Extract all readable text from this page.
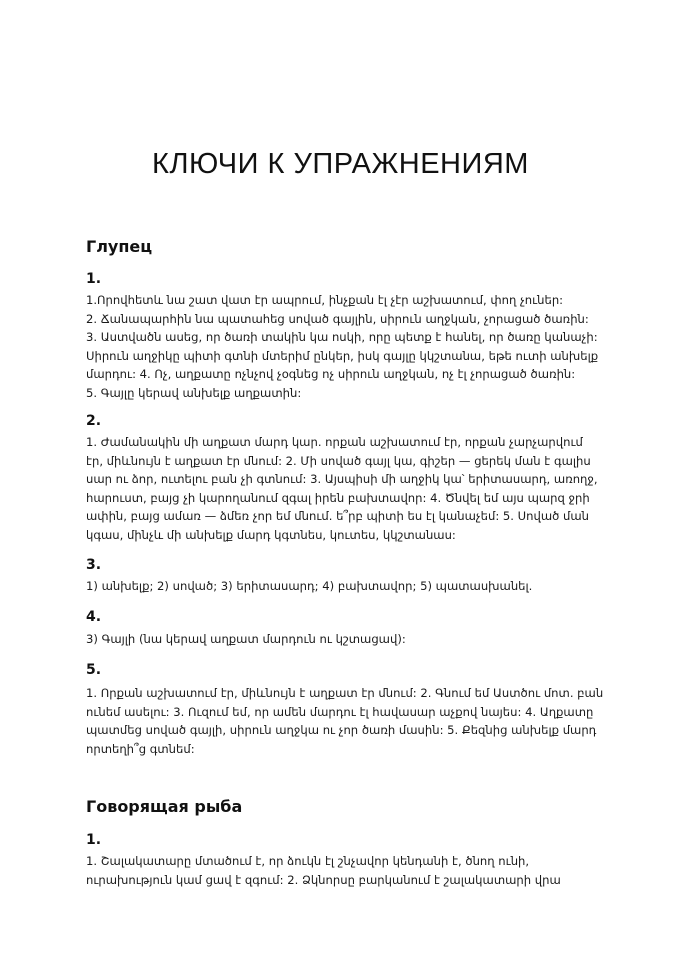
КЛЮЧИ К УПРАЖНЕНИЯМ
Глупец
1.
1.Որովհետև նա շատ վատ էր ապրում, ինչքան էլ չէր աշխատում, փող չուներ:
2. Ճանապարհին նա պատահեց սոված գայլին, սիրուն աղջկան, չորացած ծառին:
3. Աստվածն ասեց, որ ծառի տակին կա ոսկի, որը պետք է հանել, որ ծառը կանաչի:
Սիրուն աղջիկը պիտի գտնի մտերիմ ընկեր, իսկ գայլը կկշտանա, եթե ուտի անխելք
մարդու: 4. Ոչ, աղքատը ոչնչով չօգնեց ոչ սիրուն աղջկան, ոչ էլ չորացած ծառին:
5. Գայլը կերավ անխելք աղքատին:
2.
1. Ժամանակին մի աղքատ մարդ կար. որքան աշխատում էր, որքան չարչարվում
էր, միևնույն է աղքատ էր մնում: 2. Մի սոված գայլ կա, գիշեր — ցերեկ ման է գալիս
սար ու ձոր, ուտելու բան չի գտնում: 3. Այսպիսի մի աղջիկ կա՝ երիտասարդ, առողջ,
հարուստ, բայց չի կարողանում զգալ իրեն բախտավոր: 4. Ծնվել եմ այս պարզ ջրի
ափին, բայց ամառ — ձմեռ չոր եմ մնում. ե՞րբ պիտի ես էլ կանաչեմ: 5. Սոված ման
կգաս, մինչև մի անխելք մարդ կգտնես, կուտես, կկշտանաս:
3.
1) անխելք; 2) սոված; 3) երիտասարդ; 4) բախտավոր; 5) պատասխանել.
4.
3) Գայլի (նա կերավ աղքատ մարդուն ու կշտացավ):
5.
1. Որքան աշխատում էր, միևնույն է աղքատ էր մնում: 2. Գնում եմ Աստծու մոտ. բան
ունեմ ասելու: 3. Ուզում եմ, որ ամեն մարդու էլ հավասար աչքով նայես: 4. Աղքատը
պատմեց սոված գայլի, սիրուն աղջկա ու չոր ծառի մասին: 5. Քեզնից անխելք մարդ
որտեղի՞ց գտնեմ:
Говорящая рыба
1.
1. Շալակատարը մտածում է, որ ձուկն էլ շնչավոր կենդանի է, ծնող ունի,
ուրախություն կամ ցավ է զգում: 2. Ձկնորսը բարկանում է շալակատարի վրա
